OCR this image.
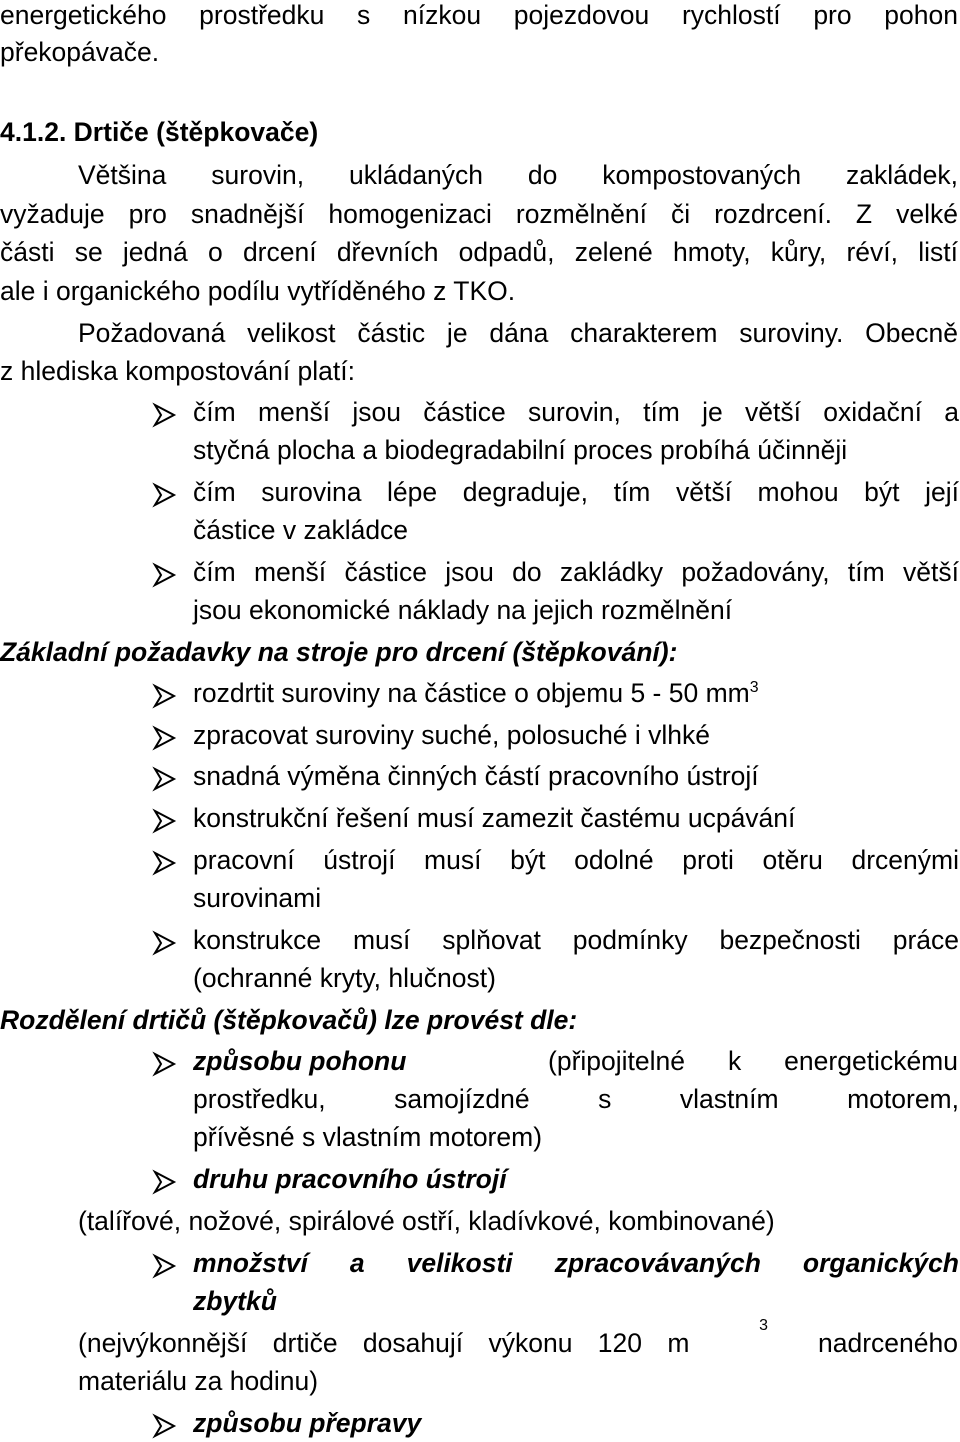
energetického prostředku s nízkou pojezdovou rychlostí pro pohon
překopávače.
4.1.2. Drtiče (štěpkovače)
Většina surovin, ukládaných do kompostovaných zakládek,
vyžaduje pro snadnější homogenizaci rozmělnění či rozdrcení. Z velké
části se jedná o drcení dřevních odpadů, zelené hmoty, kůry, réví, listí
ale i organického podílu vytříděného z TKO.
Požadovaná velikost částic je dána charakterem suroviny. Obecně
z hlediska kompostování platí:
čím menší jsou částice surovin, tím je větší oxidační a
styčná plocha a biodegradabilní proces probíhá účinněji
čím surovina lépe degraduje, tím větší mohou být její
částice v zakládce
čím menší částice jsou do zakládky požadovány, tím větší
jsou ekonomické náklady na jejich rozmělnění
Základní požadavky na stroje pro drcení (štěpkování):
rozdrtit suroviny na částice o objemu 5 - 50 $mm^3$
zpracovat suroviny suché, polosuché i vlhké
snadná výměna činných částí pracovního ústrojí
konstrukční řešení musí zamezit častému ucpávání
pracovní ústrojí musí být odolné proti otěru drcenými
surovinami
konstrukce musí splňovat podmínky bezpečnosti práce
(ochranné kryty, hlučnost)
Rozdělení drtičů (štěpkovačů) lze provést dle:
způsobu pohonu	(připojitelné k energetickému
prostředku, samojízdné s vlastním motorem,
přívěsné s vlastním motorem)
druhu pracovního ústrojí
(talířové, nožové, spirálové ostří, kladívkové, kombinované)
množství a velikosti zpracovávaných organických
zbytků
(nejvýkonnější drtiče dosahují výkonu 120 m
$^3$
nadrceného
materiálu za hodinu)
způsobu přepravy
